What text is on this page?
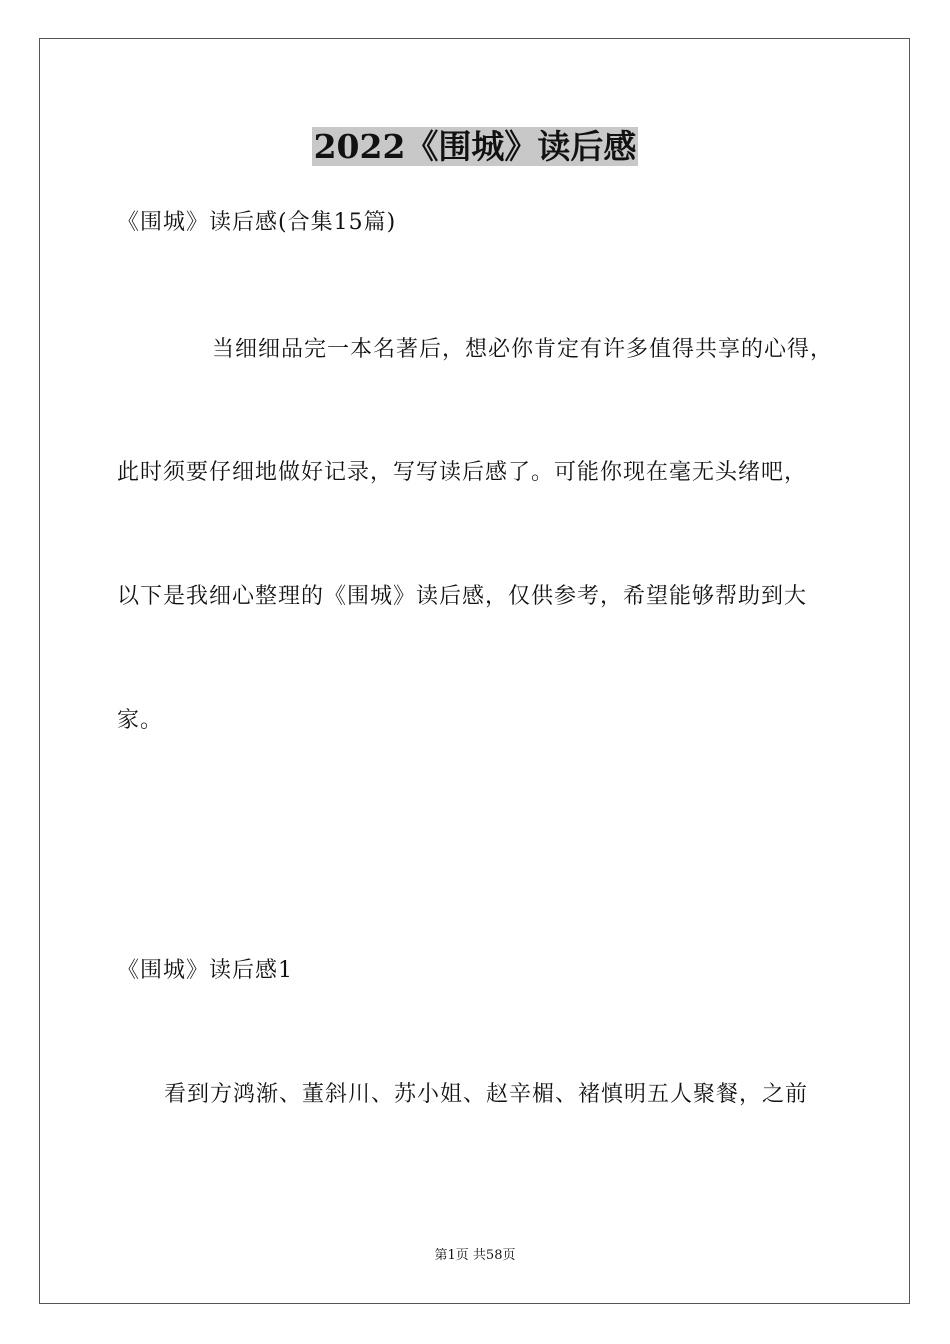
2022《围城》读后感
《围城》读后感(合集15篇)
当细细品完一本名著后，想必你肯定有许多值得共享的心得，
此时须要仔细地做好记录，写写读后感了。可能你现在毫无头绪吧，
以下是我细心整理的《围城》读后感，仅供参考，希望能够帮助到大
家。
《围城》读后感1
看到方鸿渐、董斜川、苏小姐、赵辛楣、褚慎明五人聚餐，之前
第1页 共58页
